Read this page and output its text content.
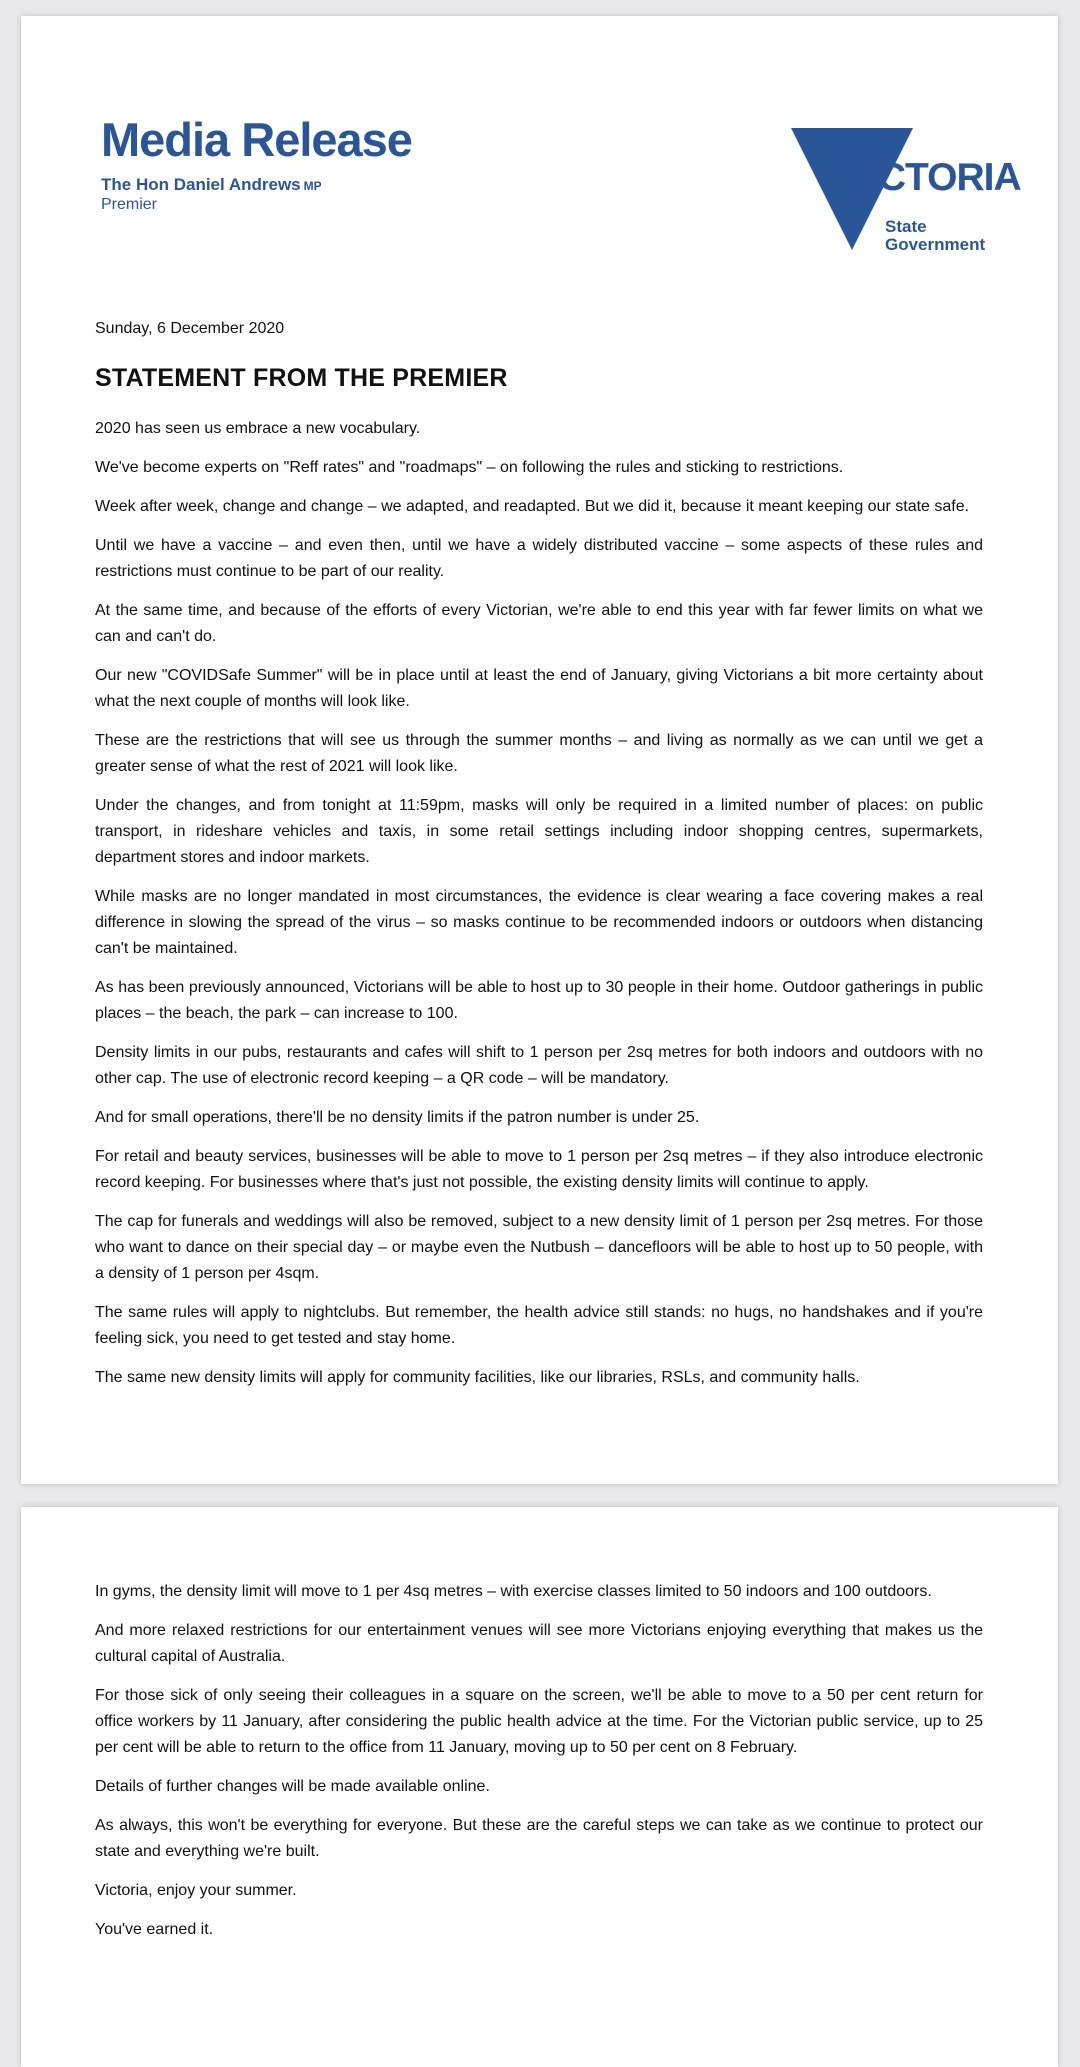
Media Release
The Hon Daniel Andrews MP
Premier
VICTORIA
State
Government
Sunday, 6 December 2020
STATEMENT FROM THE PREMIER

2020 has seen us embrace a new vocabulary.

We've become experts on "Reff rates" and "roadmaps" – on following the rules and sticking to restrictions.

Week after week, change and change – we adapted, and readapted. But we did it, because it meant keeping our state safe.

Until we have a vaccine – and even then, until we have a widely distributed vaccine – some aspects of these rules and restrictions must continue to be part of our reality.

At the same time, and because of the efforts of every Victorian, we're able to end this year with far fewer limits on what we can and can't do.

Our new "COVIDSafe Summer" will be in place until at least the end of January, giving Victorians a bit more certainty about what the next couple of months will look like.

These are the restrictions that will see us through the summer months – and living as normally as we can until we get a greater sense of what the rest of 2021 will look like.

Under the changes, and from tonight at 11:59pm, masks will only be required in a limited number of places: on public transport, in rideshare vehicles and taxis, in some retail settings including indoor shopping centres, supermarkets, department stores and indoor markets.

While masks are no longer mandated in most circumstances, the evidence is clear wearing a face covering makes a real difference in slowing the spread of the virus – so masks continue to be recommended indoors or outdoors when distancing can't be maintained.

As has been previously announced, Victorians will be able to host up to 30 people in their home. Outdoor gatherings in public places – the beach, the park – can increase to 100.

Density limits in our pubs, restaurants and cafes will shift to 1 person per 2sq metres for both indoors and outdoors with no other cap. The use of electronic record keeping – a QR code – will be mandatory.

And for small operations, there'll be no density limits if the patron number is under 25.

For retail and beauty services, businesses will be able to move to 1 person per 2sq metres – if they also introduce electronic record keeping. For businesses where that's just not possible, the existing density limits will continue to apply.

The cap for funerals and weddings will also be removed, subject to a new density limit of 1 person per 2sq metres. For those who want to dance on their special day – or maybe even the Nutbush – dancefloors will be able to host up to 50 people, with a density of 1 person per 4sqm.

The same rules will apply to nightclubs. But remember, the health advice still stands: no hugs, no handshakes and if you're feeling sick, you need to get tested and stay home.

The same new density limits will apply for community facilities, like our libraries, RSLs, and community halls.

In gyms, the density limit will move to 1 per 4sq metres – with exercise classes limited to 50 indoors and 100 outdoors.

And more relaxed restrictions for our entertainment venues will see more Victorians enjoying everything that makes us the cultural capital of Australia.

For those sick of only seeing their colleagues in a square on the screen, we'll be able to move to a 50 per cent return for office workers by 11 January, after considering the public health advice at the time. For the Victorian public service, up to 25 per cent will be able to return to the office from 11 January, moving up to 50 per cent on 8 February.

Details of further changes will be made available online.

As always, this won't be everything for everyone. But these are the careful steps we can take as we continue to protect our state and everything we're built.

Victoria, enjoy your summer.

You've earned it.
